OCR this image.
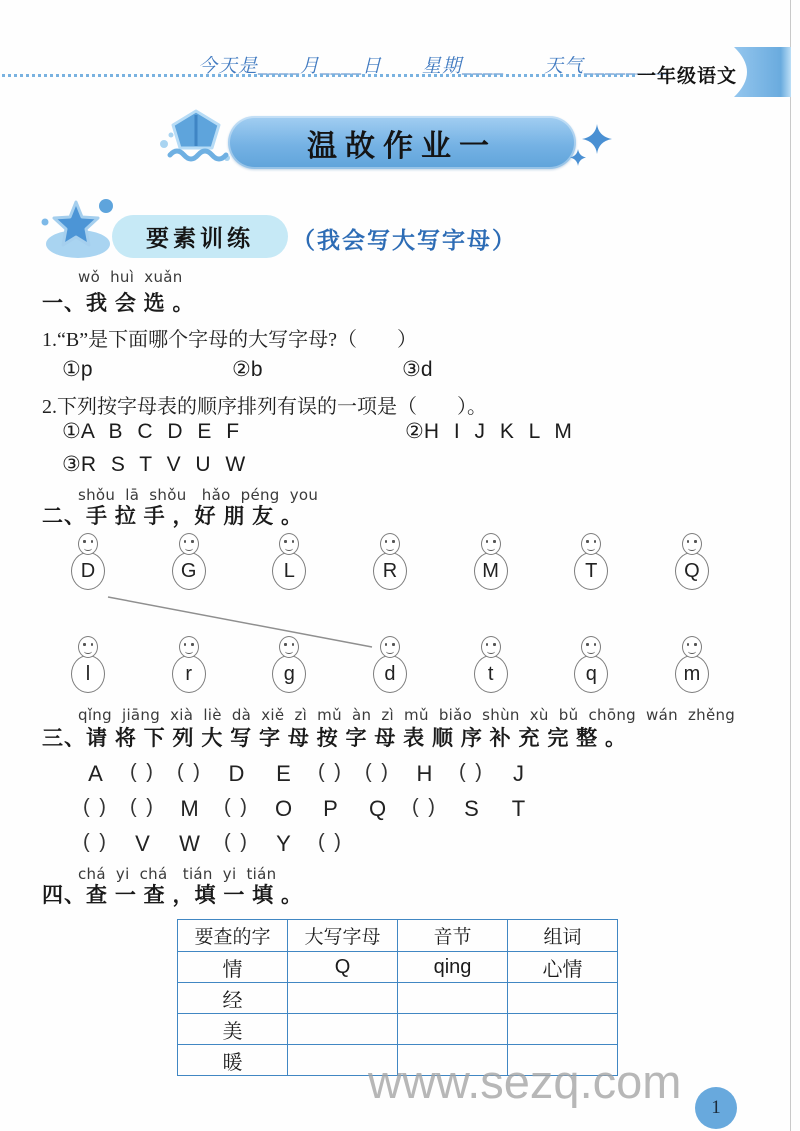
今天是____月____日　　星期____　　天气________
一年级语文
温故作业一
要素训练	（我会写大写字母）
wǒ huì xuǎn
一、我 会 选 。
1.“B”是下面哪个字母的大写字母?（　　）
①p	②b	③d
2.下列按字母表的顺序排列有误的一项是（　　）。
①A B C D E F	②H I J K L M
③R S T V U W
shǒu lā shǒu　hǎo péng you
二、手 拉 手 ，好 朋 友 。
D	G	L	R	M	T	Q
l	r	g	d	t	q	m
qǐng jiāng xià liè dà xiě zì mǔ àn zì mǔ biǎo shùn xù bǔ chōng wán zhěng
三、请 将 下 列 大 写 字 母 按 字 母 表 顺 序 补 充 完 整 。
A	( )	( )	D	E	( )	( )	H	( )	J
( )	( )	M	( )	O	P	Q	( )	S	T
( )	V	W	( )	Y	( )
chá yi chá　tián yi tián
四、查 一 查 ，填 一 填 。
要查的字	大写字母	音节	组词
情	Q	qing	心情
经			
美			
暖				www.sezq.com	1
